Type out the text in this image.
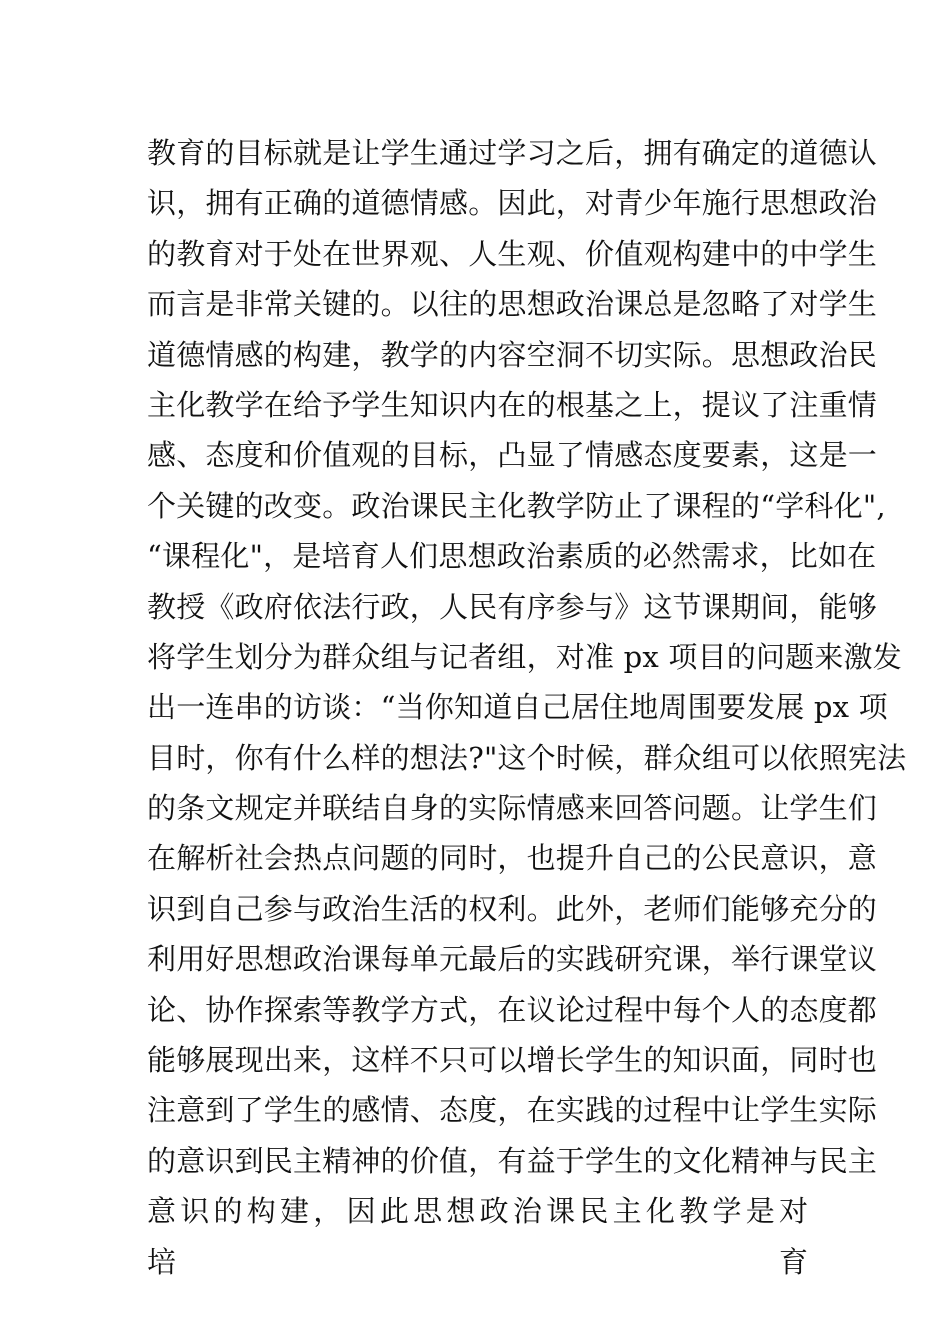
教育的目标就是让学生通过学习之后，拥有确定的道德认
识，拥有正确的道德情感。因此，对青少年施行思想政治
的教育对于处在世界观、人生观、价值观构建中的中学生
而言是非常关键的。以往的思想政治课总是忽略了对学生
道德情感的构建，教学的内容空洞不切实际。思想政治民
主化教学在给予学生知识内在的根基之上，提议了注重情
感、态度和价值观的目标，凸显了情感态度要素，这是一
个关键的改变。政治课民主化教学防止了课程的“学科化",
“课程化"，是培育人们思想政治素质的必然需求，比如在
教授《政府依法行政，人民有序参与》这节课期间，能够
将学生划分为群众组与记者组，对准 px 项目的问题来激发
出一连串的访谈：“当你知道自己居住地周围要发展 px 项
目时，你有什么样的想法?"这个时候，群众组可以依照宪法
的条文规定并联结自身的实际情感来回答问题。让学生们
在解析社会热点问题的同时，也提升自己的公民意识，意
识到自己参与政治生活的权利。此外，老师们能够充分的
利用好思想政治课每单元最后的实践研究课，举行课堂议
论、协作探索等教学方式，在议论过程中每个人的态度都
能够展现出来，这样不只可以增长学生的知识面，同时也
注意到了学生的感情、态度，在实践的过程中让学生实际
的意识到民主精神的价值，有益于学生的文化精神与民主
意识的构建，因此思想政治课民主化教学是对培育
